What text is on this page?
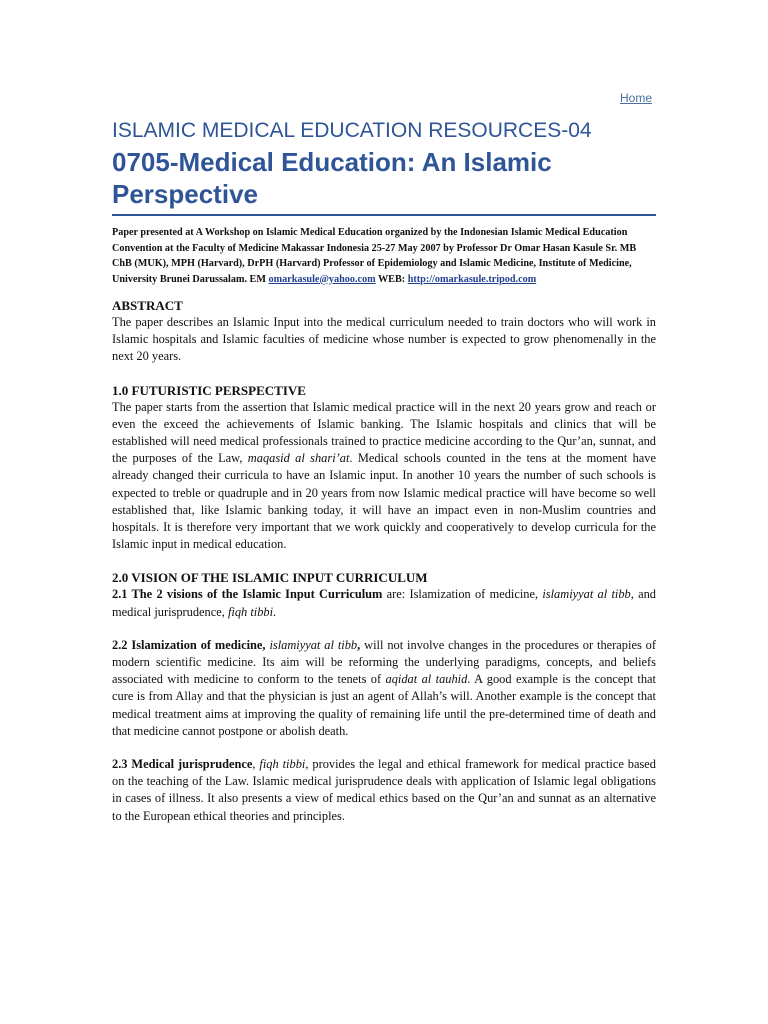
Home
ISLAMIC MEDICAL EDUCATION RESOURCES-04
0705-Medical Education: An Islamic Perspective
Paper presented at A Workshop on Islamic Medical Education organized by the Indonesian Islamic Medical Education Convention at the Faculty of Medicine Makassar Indonesia 25-27 May 2007 by Professor Dr Omar Hasan Kasule Sr. MB ChB (MUK), MPH (Harvard), DrPH (Harvard) Professor of Epidemiology and Islamic Medicine, Institute of Medicine, University Brunei Darussalam. EM omarkasule@yahoo.com WEB: http://omarkasule.tripod.com
ABSTRACT

The paper describes an Islamic Input into the medical curriculum needed to train doctors who will work in Islamic hospitals and Islamic faculties of medicine whose number is expected to grow phenomenally in the next 20 years.

1.0 FUTURISTIC PERSPECTIVE

The paper starts from the assertion that Islamic medical practice will in the next 20 years grow and reach or even the exceed the achievements of Islamic banking. The Islamic hospitals and clinics that will be established will need medical professionals trained to practice medicine according to the Qur’an, sunnat, and the purposes of the Law, maqasid al shari’at. Medical schools counted in the tens at the moment have already changed their curricula to have an Islamic input. In another 10 years the number of such schools is expected to treble or quadruple and in 20 years from now Islamic medical practice will have become so well established that, like Islamic banking today, it will have an impact even in non-Muslim countries and hospitals. It is therefore very important that we work quickly and cooperatively to develop curricula for the Islamic input in medical education.

2.0 VISION OF THE ISLAMIC INPUT CURRICULUM

2.1 The 2 visions of the Islamic Input Curriculum are: Islamization of medicine, islamiyyat al tibb, and medical jurisprudence, fiqh tibbi.

2.2 Islamization of medicine, islamiyyat al tibb, will not involve changes in the procedures or therapies of modern scientific medicine. Its aim will be reforming the underlying paradigms, concepts, and beliefs associated with medicine to conform to the tenets of aqidat al tauhid. A good example is the concept that cure is from Allay and that the physician is just an agent of Allah’s will. Another example is the concept that medical treatment aims at improving the quality of remaining life until the pre-determined time of death and that medicine cannot postpone or abolish death.

2.3 Medical jurisprudence, fiqh tibbi, provides the legal and ethical framework for medical practice based on the teaching of the Law. Islamic medical jurisprudence deals with application of Islamic legal obligations in cases of illness. It also presents a view of medical ethics based on the Qur’an and sunnat as an alternative to the European ethical theories and principles.
